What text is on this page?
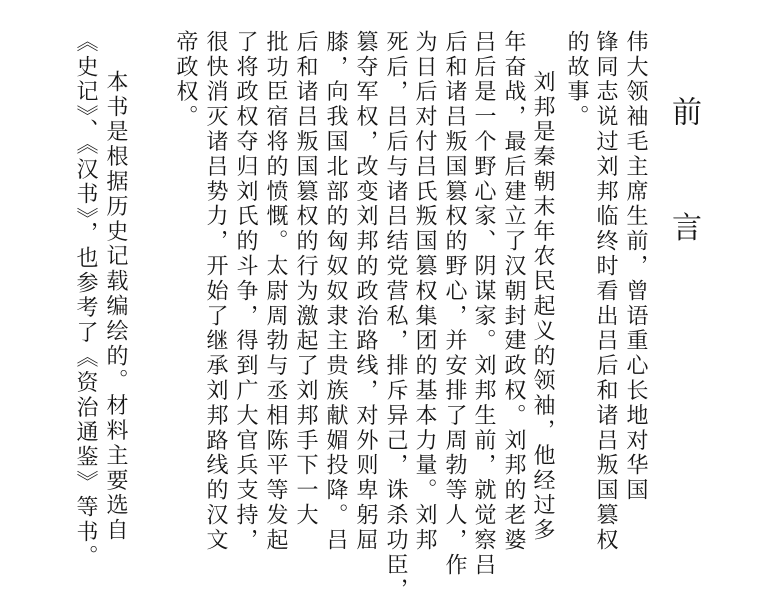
前 言
伟大领袖毛主席生前，曾语重心长地对华国
锋同志说过刘邦临终时看出吕后和诸吕叛国篡权
的故事。
刘邦是秦朝末年农民起义的领袖，他经过多
年奋战，最后建立了汉朝封建政权。刘邦的老婆
吕后是一个野心家、阴谋家。刘邦生前，就觉察吕
后和诸吕叛国篡权的野心，并安排了周勃等人，作
为日后对付吕氏叛国篡权集团的基本力量。刘邦
死后，吕后与诸吕结党营私，排斥异己，诛杀功臣，
篡夺军权，改变刘邦的政治路线，对外则卑躬屈
膝，向我国北部的匈奴奴隶主贵族献媚投降。吕
后和诸吕叛国篡权的行为激起了刘邦手下一大
批功臣宿将的愤慨。太尉周勃与丞相陈平等发起
了将政权夺归刘氏的斗争，得到广大官兵支持，
很快消灭诸吕势力，开始了继承刘邦路线的汉文
帝政权。
本书是根据历史记载编绘的。材料主要选自
《史记》、《汉书》，也参考了《资治通鉴》等书。
